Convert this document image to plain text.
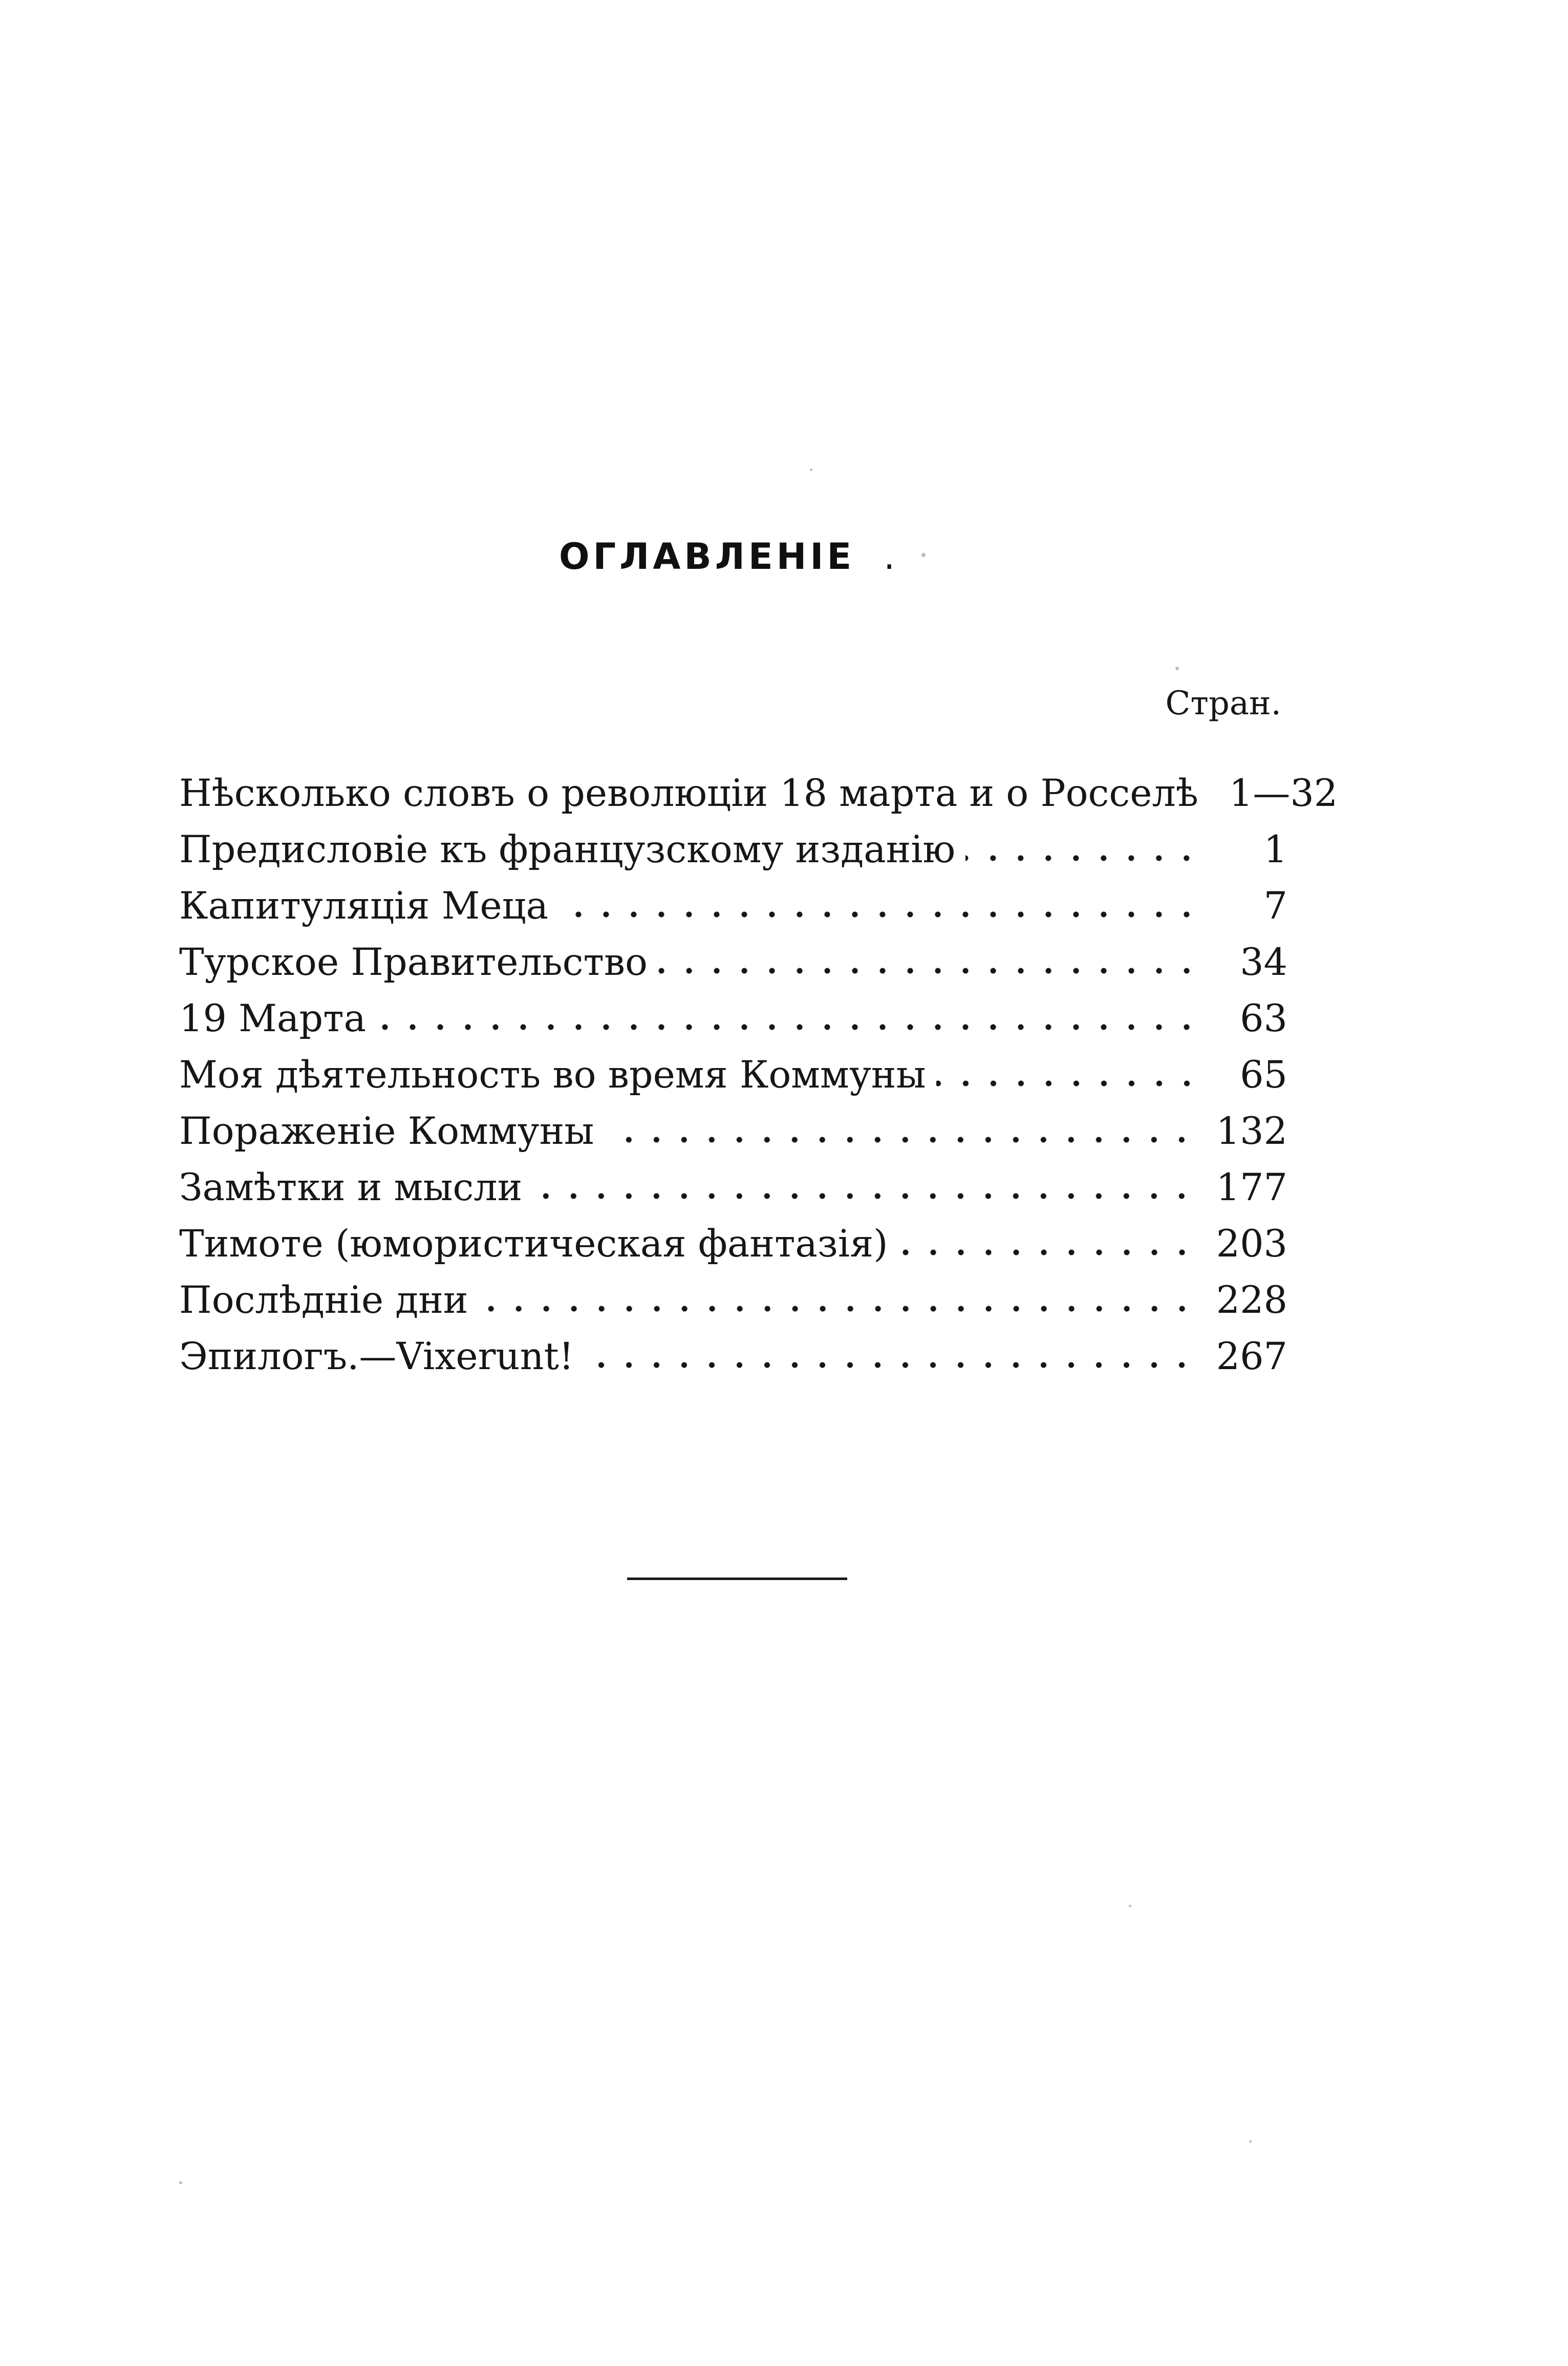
ОГЛАВЛЕНІЕ .
Стран.
Нѣсколько словъ о революціи 18 марта и о Росселѣ 1—32
Предисловіе къ французскому изданію	1
Капитуляція Меца	7
Турское Правительство	34
19 Марта	63
Моя дѣятельность во время Коммуны	65
Пораженіе Коммуны	132
Замѣтки и мысли	177
Тимоте (юмористическая фантазія)	203
Послѣдніе дни	228
Эпилогъ.—Vixerunt!	267
